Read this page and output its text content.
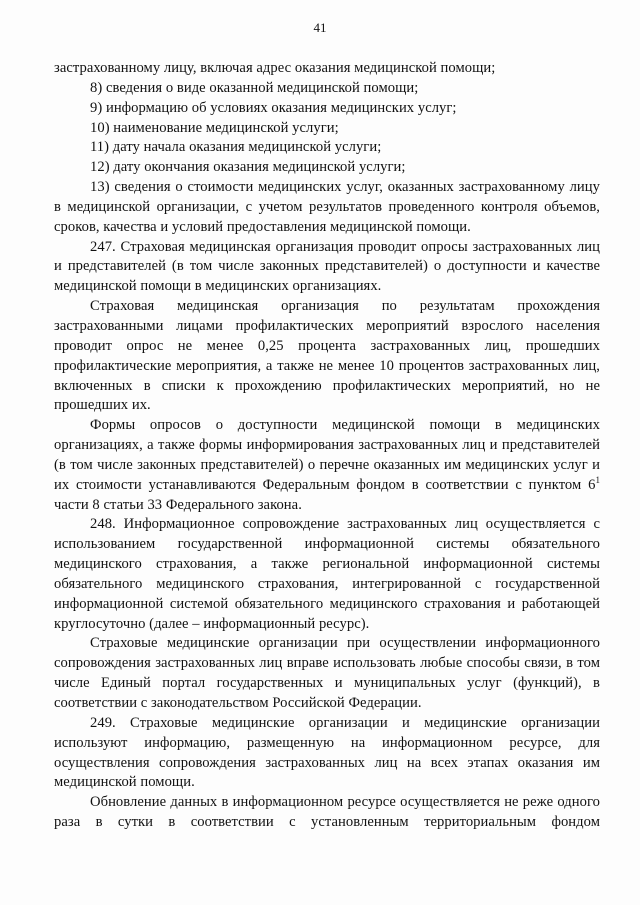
41

застрахованному лицу, включая адрес оказания медицинской помощи;

8) сведения о виде оказанной медицинской помощи;

9) информацию об условиях оказания медицинских услуг;

10) наименование медицинской услуги;

11) дату начала оказания медицинской услуги;

12) дату окончания оказания медицинской услуги;

13) сведения о стоимости медицинских услуг, оказанных застрахованному лицу в медицинской организации, с учетом результатов проведенного контроля объемов, сроков, качества и условий предоставления медицинской помощи.

247. Страховая медицинская организация проводит опросы застрахованных лиц и представителей (в том числе законных представителей) о доступности и качестве медицинской помощи в медицинских организациях.

Страховая медицинская организация по результатам прохождения застрахованными лицами профилактических мероприятий взрослого населения проводит опрос не менее 0,25 процента застрахованных лиц, прошедших профилактические мероприятия, а также не менее 10 процентов застрахованных лиц, включенных в списки к прохождению профилактических мероприятий, но не прошедших их.

Формы опросов о доступности медицинской помощи в медицинских организациях, а также формы информирования застрахованных лиц и представителей (в том числе законных представителей) о перечне оказанных им медицинских услуг и их стоимости устанавливаются Федеральным фондом в соответствии с пунктом $6^1$ части 8 статьи 33 Федерального закона.

248. Информационное сопровождение застрахованных лиц осуществляется с использованием государственной информационной системы обязательного медицинского страхования, а также региональной информационной системы обязательного медицинского страхования, интегрированной с государственной информационной системой обязательного медицинского страхования и работающей круглосуточно (далее – информационный ресурс).

Страховые медицинские организации при осуществлении информационного сопровождения застрахованных лиц вправе использовать любые способы связи, в том числе Единый портал государственных и муниципальных услуг (функций), в соответствии с законодательством Российской Федерации.

249. Страховые медицинские организации и медицинские организации используют информацию, размещенную на информационном ресурсе, для осуществления сопровождения застрахованных лиц на всех этапах оказания им медицинской помощи.

Обновление данных в информационном ресурсе осуществляется не реже одного раза в сутки в соответствии с установленным территориальным фондом
